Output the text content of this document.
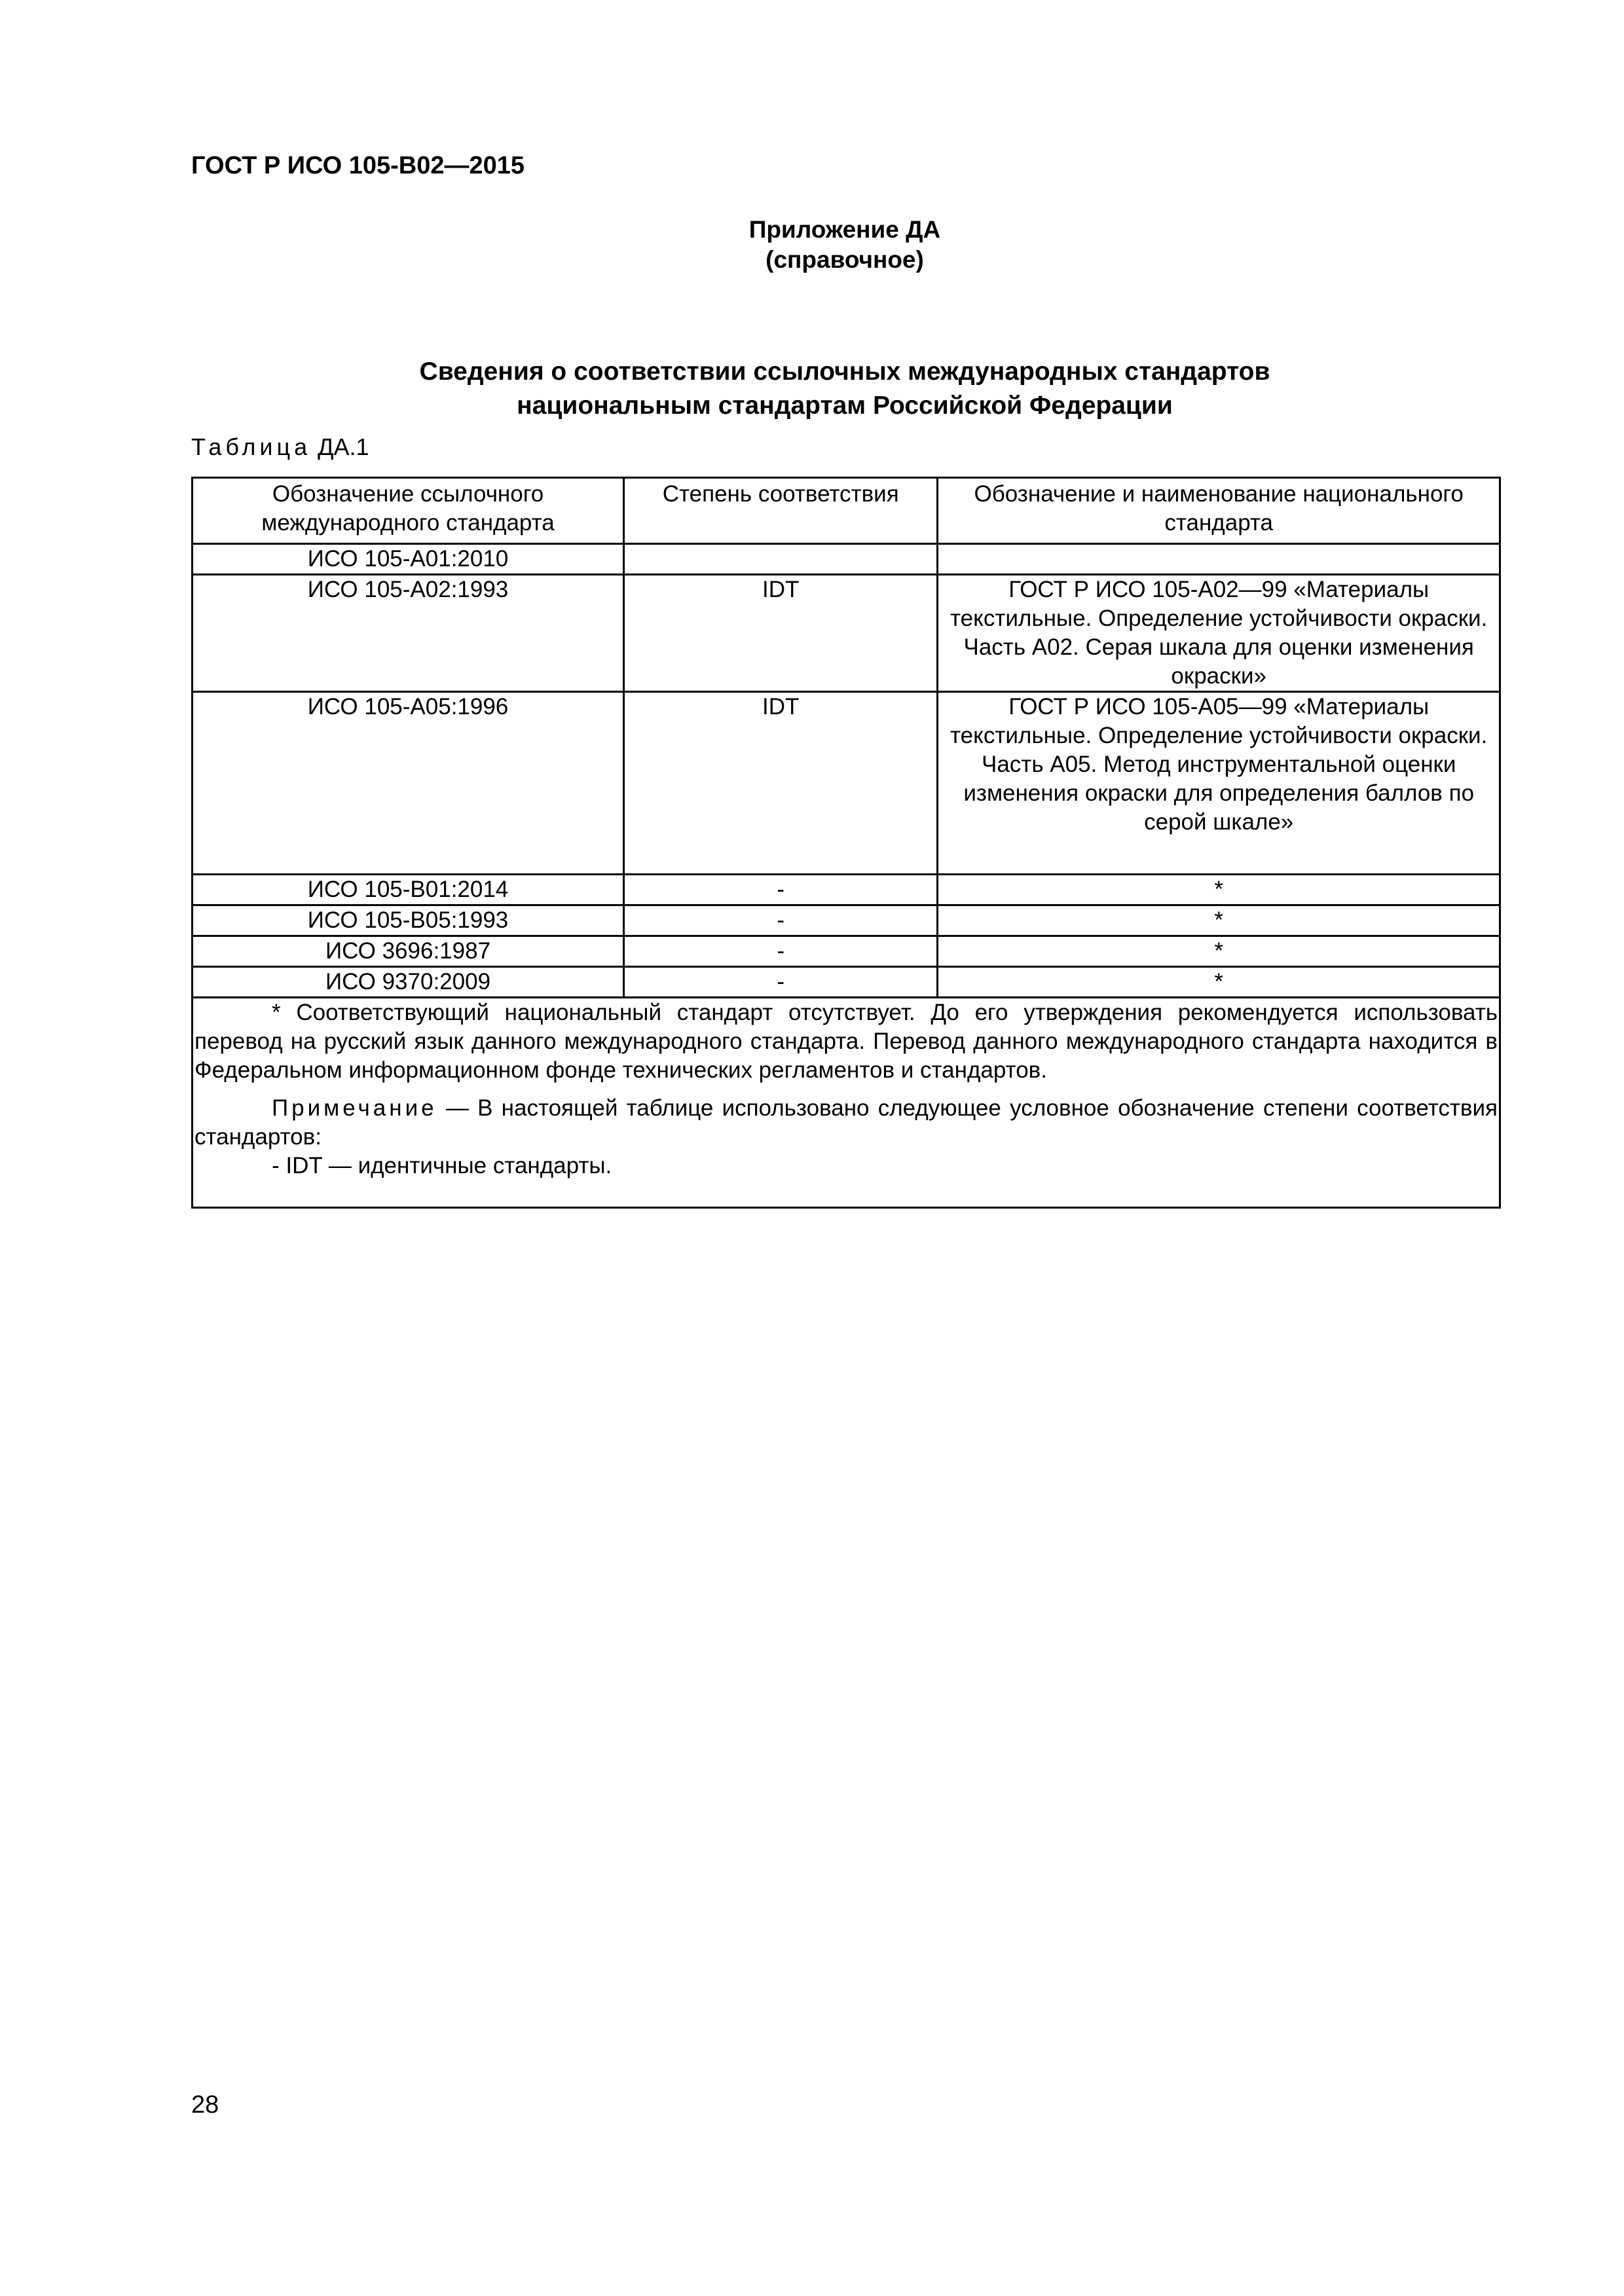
ГОСТ Р ИСО 105-В02—2015
Приложение ДА
(справочное)
Сведения о соответствии ссылочных международных стандартов
национальным стандартам Российской Федерации
Таблица ДА.1
Обозначение ссылочного международного стандарта	Степень соответствия	Обозначение и наименование национального стандарта
ИСО 105-А01:2010		
ИСО 105-А02:1993	IDT	ГОСТ Р ИСО 105-А02—99 «Материалы текстильные. Определение устойчивости окраски. Часть А02. Серая шкала для оценки изменения окраски»
ИСО 105-А05:1996	IDT	ГОСТ Р ИСО 105-А05—99 «Материалы текстильные. Определение устойчивости окраски. Часть А05. Метод инструментальной оценки изменения окраски для определения баллов по серой шкале»
ИСО 105-В01:2014	-	*
ИСО 105-В05:1993	-	*
ИСО 3696:1987	-	*
ИСО 9370:2009	-	*

* Соответствующий национальный стандарт отсутствует. До его утверждения рекомендуется использовать перевод на русский язык данного международного стандарта. Перевод данного международного стандарта находится в Федеральном информационном фонде технических регламентов и стандартов.

Примечание — В настоящей таблице использовано следующее условное обозначение степени соответствия стандартов:

- IDT — идентичные стандарты.		

28
